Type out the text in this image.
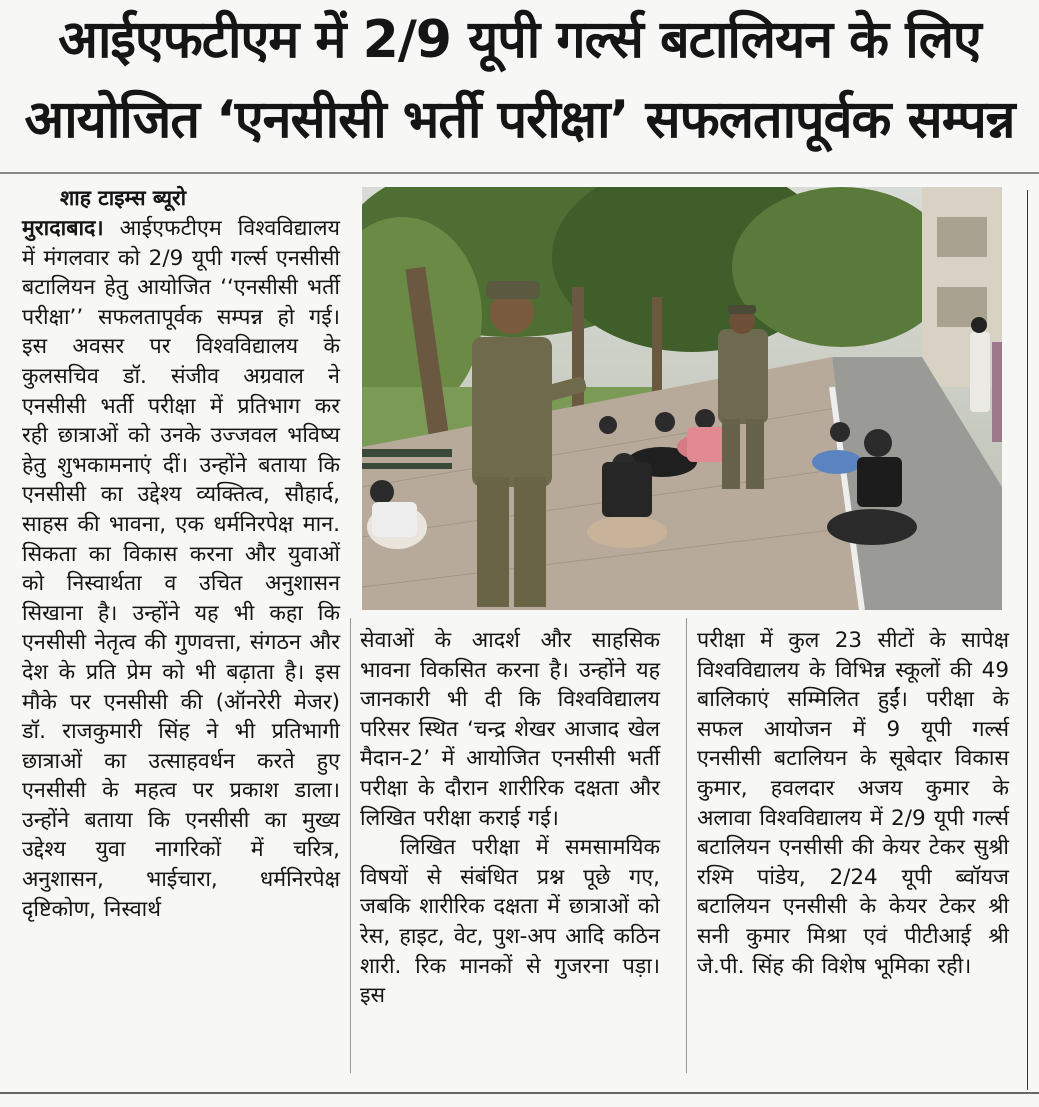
आईएफटीएम में 2/9 यूपी गर्ल्स बटालियन के लिए
आयोजित ‘एनसीसी भर्ती परीक्षा’ सफलतापूर्वक सम्पन्न
शाह टाइम्स ब्यूरो

मुरादाबाद। आईएफटीएम विश्वविद्यालय में मंगलवार को 2/9 यूपी गर्ल्स एनसीसी बटालियन हेतु आयोजित ‘‘एनसीसी भर्ती परीक्षा’’ सफलतापूर्वक सम्पन्न हो गई। इस अवसर पर विश्वविद्यालय के कुलसचिव डॉ. संजीव अग्रवाल ने एनसीसी भर्ती परीक्षा में प्रतिभाग कर रही छात्राओं को उनके उज्जवल भविष्य हेतु शुभकामनाएं दीं। उन्होंने बताया कि एनसीसी का उद्देश्य व्यक्तित्व, सौहार्द, साहस की भावना, एक धर्मनिरपेक्ष मान. सिकता का विकास करना और युवाओं को निस्वार्थता व उचित अनुशासन सिखाना है। उन्होंने यह भी कहा कि एनसीसी नेतृत्व की गुणवत्ता, संगठन और देश के प्रति प्रेम को भी बढ़ाता है। इस मौके पर एनसीसी की (ऑनरेरी मेजर) डॉ. राजकुमारी सिंह ने भी प्रतिभागी छात्राओं का उत्साहवर्धन करते हुए एनसीसी के महत्व पर प्रकाश डाला। उन्होंने बताया कि एनसीसी का मुख्य उद्देश्य युवा नागरिकों में चरित्र, अनुशासन, भाईचारा, धर्मनिरपेक्ष दृष्टिकोण, निस्वार्थ

सेवाओं के आदर्श और साहसिक भावना विकसित करना है। उन्होंने यह जानकारी भी दी कि विश्वविद्यालय परिसर स्थित ‘चन्द्र शेखर आजाद खेल मैदान-2’ में आयोजित एनसीसी भर्ती परीक्षा के दौरान शारीरिक दक्षता और लिखित परीक्षा कराई गई।

लिखित परीक्षा में समसामयिक विषयों से संबंधित प्रश्न पूछे गए, जबकि शारीरिक दक्षता में छात्राओं को रेस, हाइट, वेट, पुश-अप आदि कठिन शारी. रिक मानकों से गुजरना पड़ा। इस

परीक्षा में कुल 23 सीटों के सापेक्ष विश्वविद्यालय के विभिन्न स्कूलों की 49 बालिकाएं सम्मिलित हुईं। परीक्षा के सफल आयोजन में 9 यूपी गर्ल्स एनसीसी बटालियन के सूबेदार विकास कुमार, हवलदार अजय कुमार के अलावा विश्वविद्यालय में 2/9 यूपी गर्ल्स बटालियन एनसीसी की केयर टेकर सुश्री रश्मि पांडेय, 2/24 यूपी ब्वॉयज बटालियन एनसीसी के केयर टेकर श्री सनी कुमार मिश्रा एवं पीटीआई श्री जे.पी. सिंह की विशेष भूमिका रही।
